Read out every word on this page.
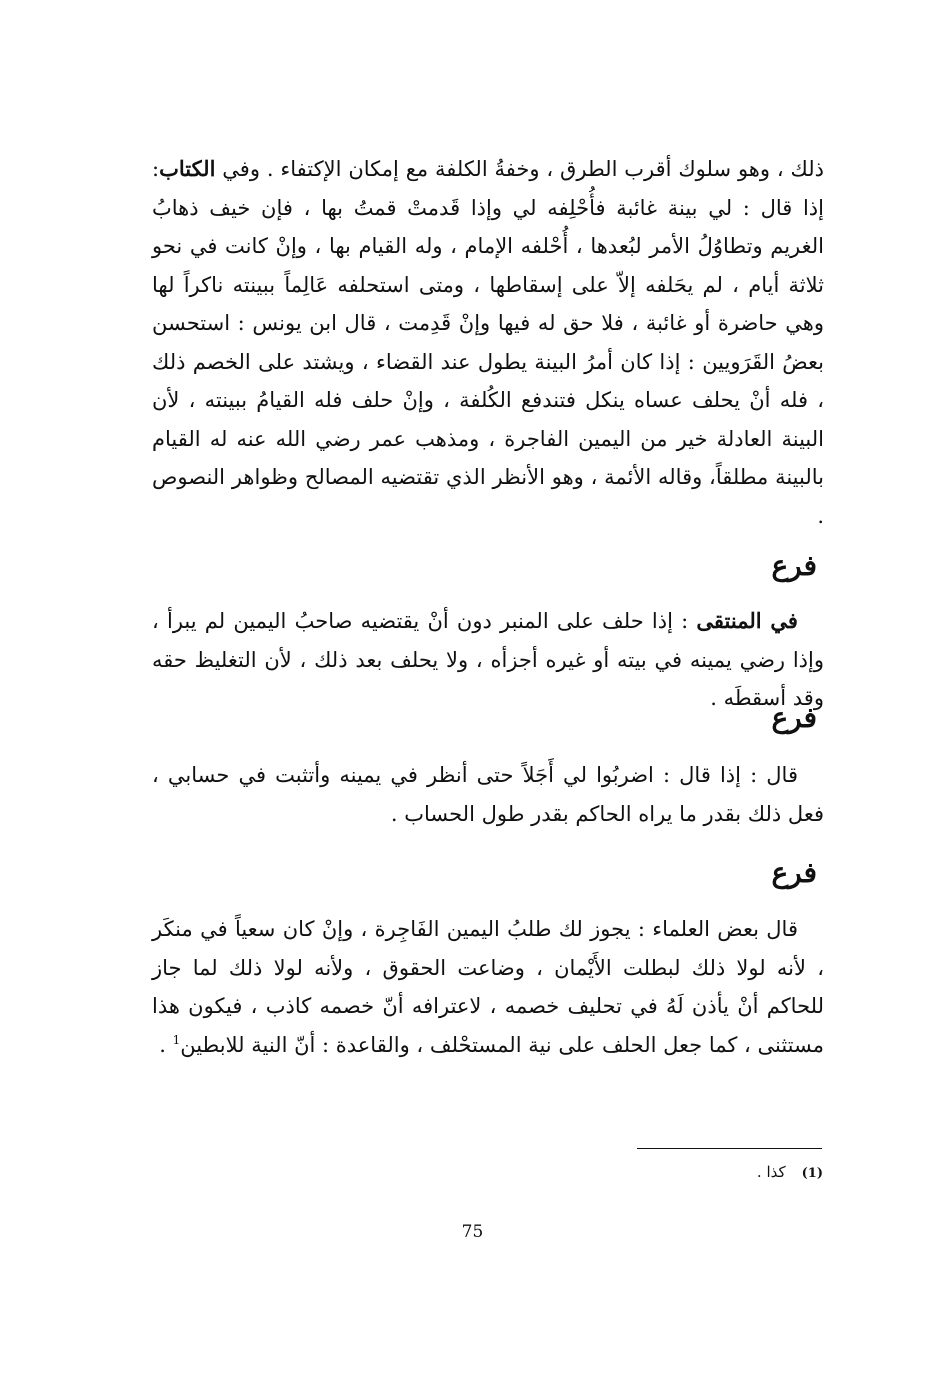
ذلك ، وهو سلوك أقرب الطرق ، وخفةُ الكلفة مع إمكان الإكتفاء . وفي الكتاب: إذا قال : لي بينة غائبة فأُحْلِفه لي وإذا قَدمتْ قمتُ بها ، فإن خيف ذهابُ الغريم وتطاوُلُ الأمر لبُعدها ، أُحْلفه الإمام ، وله القيام بها ، وإنْ كانت في نحو ثلاثة أيام ، لم يحَلفه إلاّ على إسقاطها ، ومتى استحلفه عَالِماً ببينته ناكراً لها وهي حاضرة أو غائبة ، فلا حق له فيها وإنْ قَدِمت ، قال ابن يونس : استحسن بعضُ القَرَويين : إذا كان أمرُ البينة يطول عند القضاء ، ويشتد على الخصم ذلك ، فله أنْ يحلف عساه ينكل فتندفع الكُلفة ، وإنْ حلف فله القيامُ ببينته ، لأن البينة العادلة خير من اليمين الفاجرة ، ومذهب عمر رضي الله عنه له القيام بالبينة مطلقاً، وقاله الأئمة ، وهو الأنظر الذي تقتضيه المصالح وظواهر النصوص .
فرع
في المنتقى : إذا حلف على المنبر دون أنْ يقتضيه صاحبُ اليمين لم يبرأ ، وإذا رضي يمينه في بيته أو غيره أجزأه ، ولا يحلف بعد ذلك ، لأن التغليظ حقه وقد أسقطَه .
فرع
قال : إذا قال : اضربُوا لي أَجَلاً حتى أنظر في يمينه وأتثبت في حسابي ، فعل ذلك بقدر ما يراه الحاكم بقدر طول الحساب .
فرع
قال بعض العلماء : يجوز لك طلبُ اليمين الفَاجِرة ، وإنْ كان سعياً في منكَر ، لأنه لولا ذلك لبطلت الأَيْمان ، وضاعت الحقوق ، ولأنه لولا ذلك لما جاز للحاكم أنْ يأذن لَهُ في تحليف خصمه ، لاعترافه أنّ خصمه كاذب ، فيكون هذا مستثنى ، كما جعل الحلف على نية المستحْلف ، والقاعدة : أنّ النية للابطين$^1$ .
(1)كذا .
75
